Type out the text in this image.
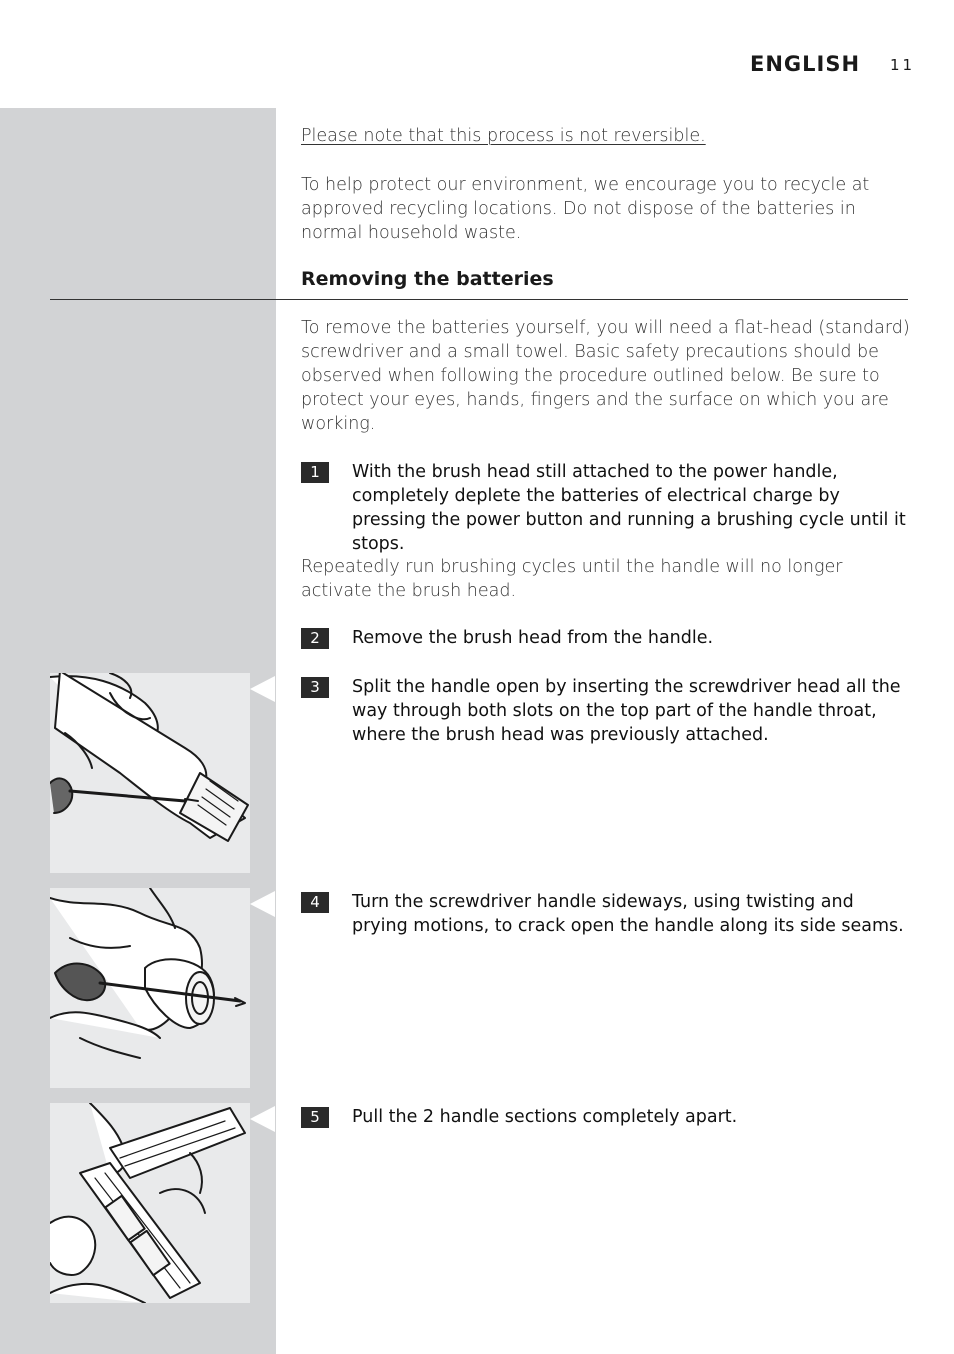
ENGLISH 11

Please note that this process is not reversible.

To help protect our environment, we encourage you to recycle at approved recycling locations. Do not dispose of the batteries in normal household waste.

Removing the batteries

To remove the batteries yourself, you will need a flat-head (standard) screwdriver and a small towel. Basic safety precautions should be observed when following the procedure outlined below. Be sure to protect your eyes, hands, fingers and the surface on which you are working.

1	With the brush head still attached to the power handle, completely deplete the batteries of electrical charge by pressing the power button and running a brushing cycle until it stops.

Repeatedly run brushing cycles until the handle will no longer activate the brush head.

2	Remove the brush head from the handle.
3	Split the handle open by inserting the screwdriver head all the way through both slots on the top part of the handle throat, where the brush head was previously attached.
4	Turn the screwdriver handle sideways, using twisting and prying motions, to crack open the handle along its side seams.
5	Pull the 2 handle sections completely apart.
